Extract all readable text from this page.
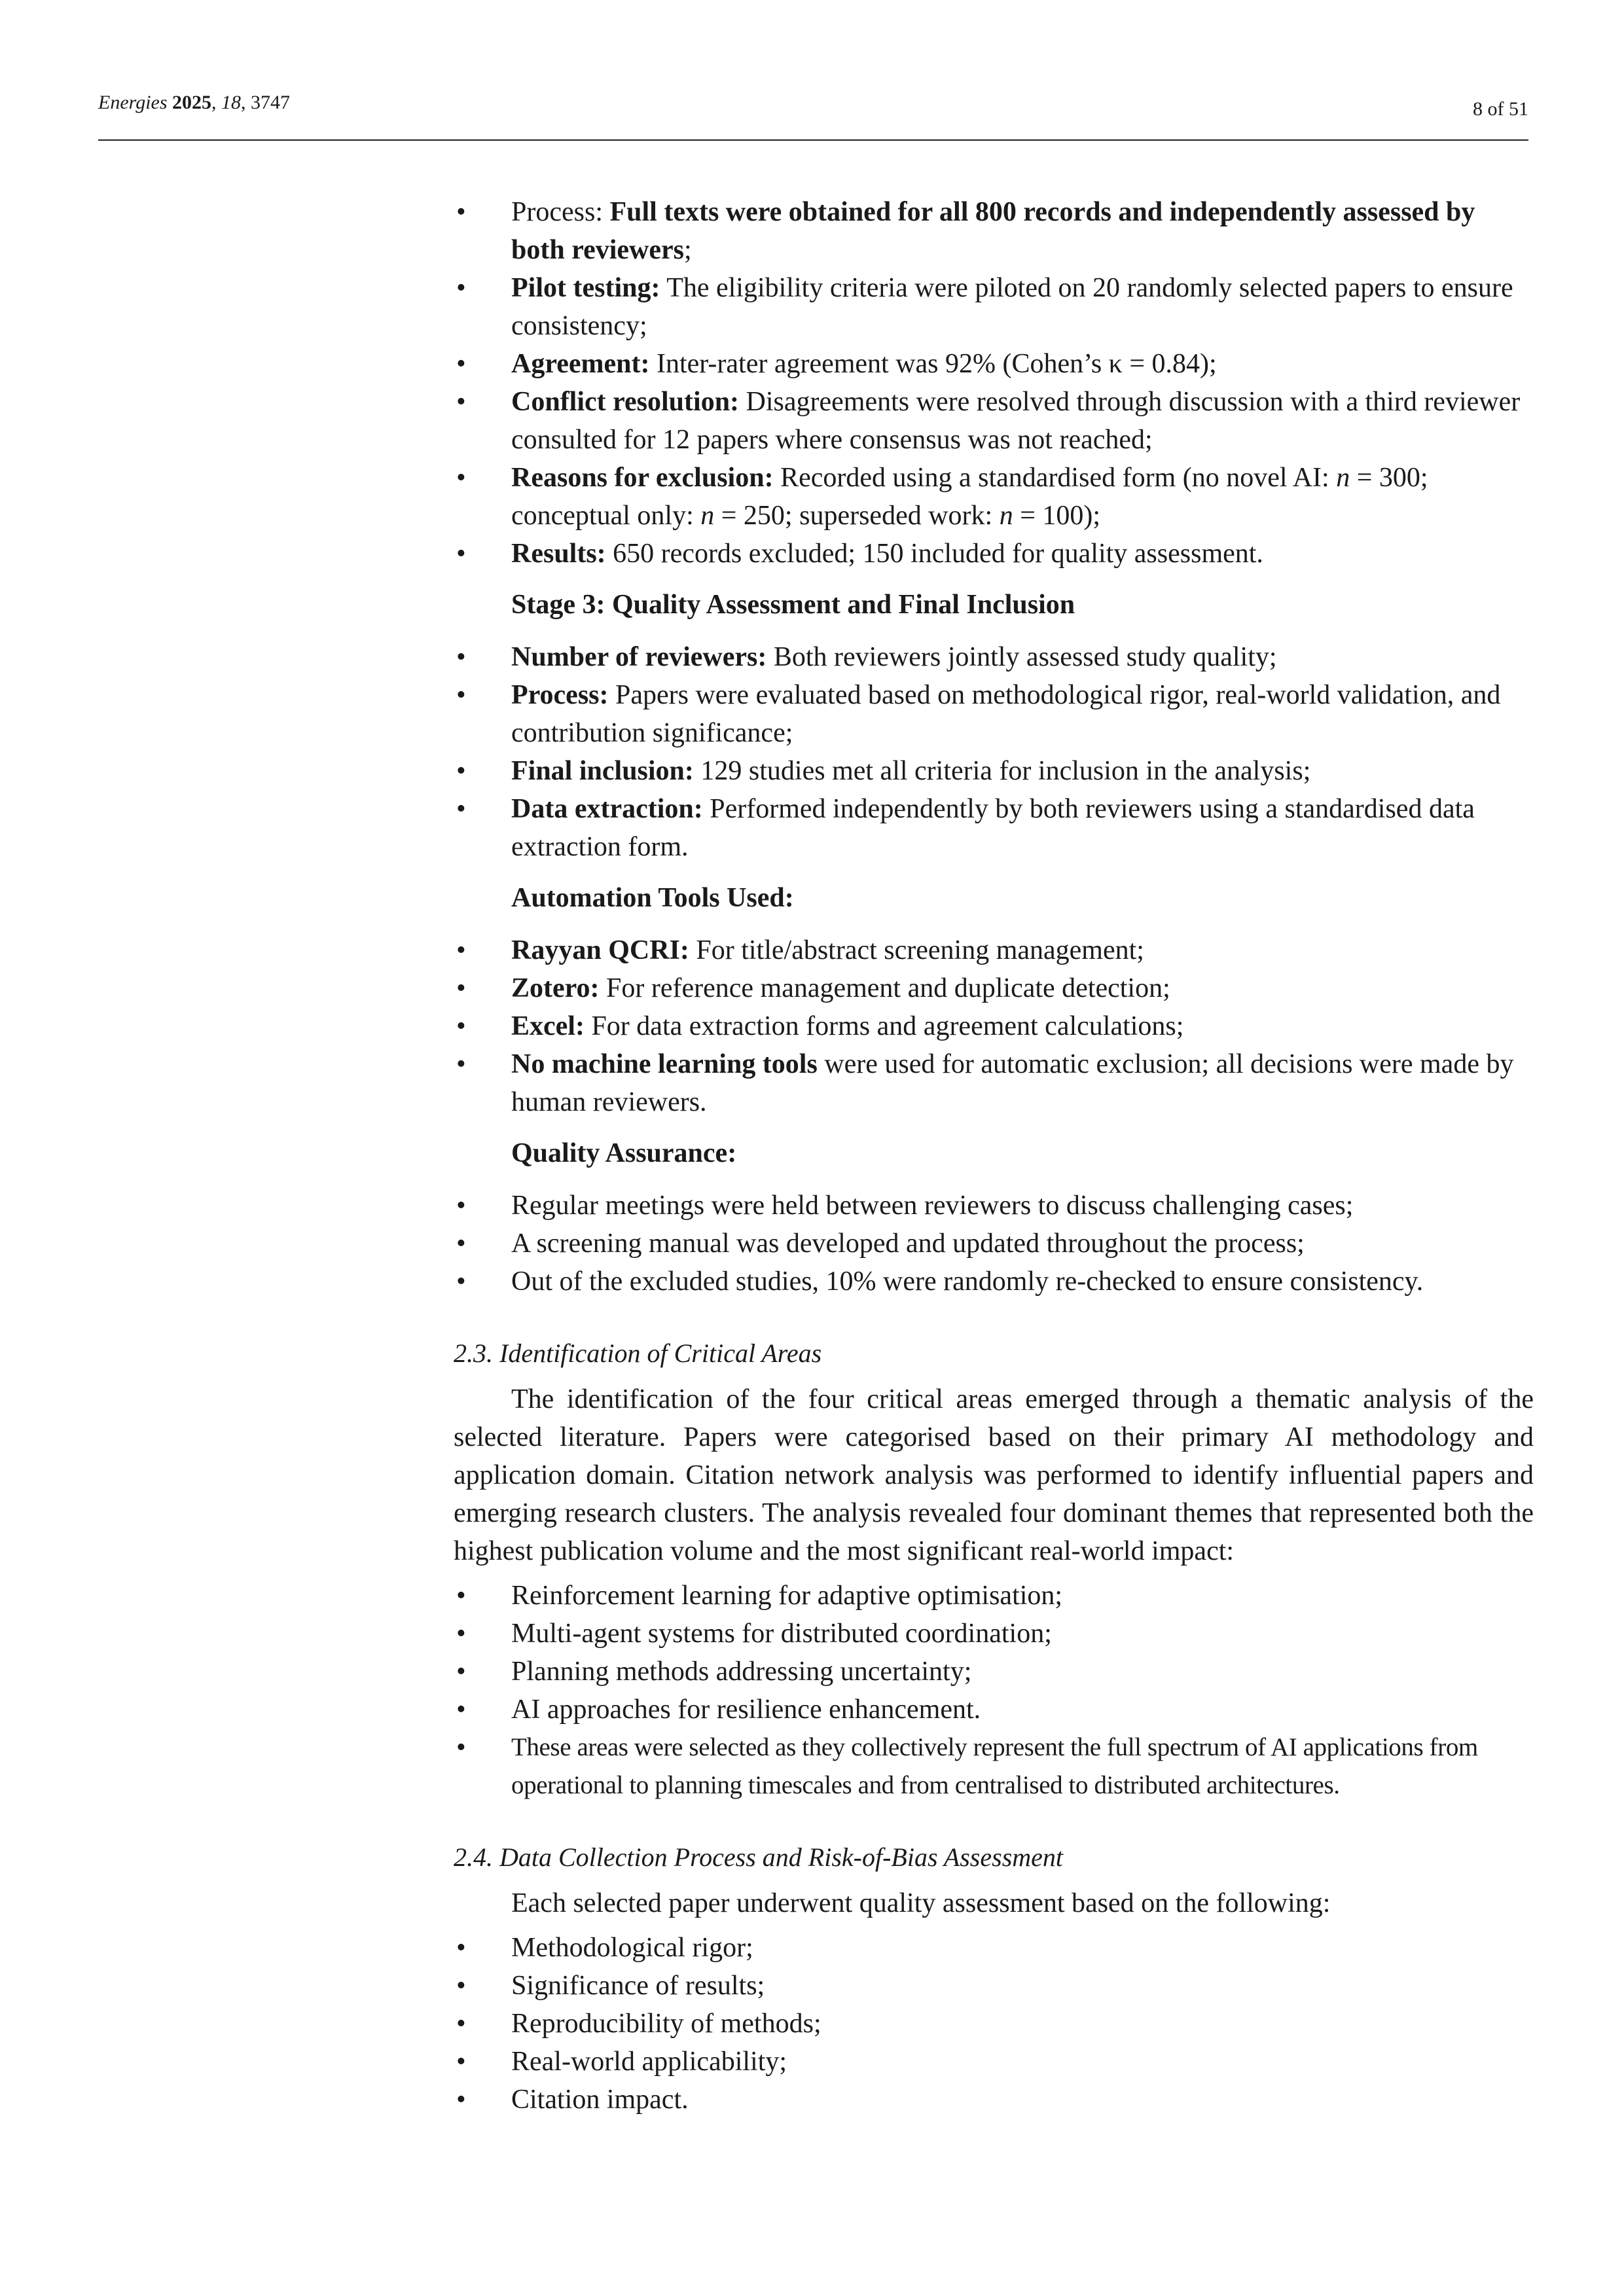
Energies 2025, 18, 3747	8 of 51
• Process: Full texts were obtained for all 800 records and independently assessed by both reviewers;
• Pilot testing: The eligibility criteria were piloted on 20 randomly selected papers to ensure consistency;
• Agreement: Inter-rater agreement was 92% (Cohen’s κ = 0.84);
• Conflict resolution: Disagreements were resolved through discussion with a third reviewer consulted for 12 papers where consensus was not reached;
• Reasons for exclusion: Recorded using a standardised form (no novel AI: n = 300; conceptual only: n = 250; superseded work: n = 100);
• Results: 650 records excluded; 150 included for quality assessment.
Stage 3: Quality Assessment and Final Inclusion
• Number of reviewers: Both reviewers jointly assessed study quality;
• Process: Papers were evaluated based on methodological rigor, real-world validation, and contribution significance;
• Final inclusion: 129 studies met all criteria for inclusion in the analysis;
• Data extraction: Performed independently by both reviewers using a standardised data extraction form.
Automation Tools Used:
• Rayyan QCRI: For title/abstract screening management;
• Zotero: For reference management and duplicate detection;
• Excel: For data extraction forms and agreement calculations;
• No machine learning tools were used for automatic exclusion; all decisions were made by human reviewers.
Quality Assurance:
• Regular meetings were held between reviewers to discuss challenging cases;
• A screening manual was developed and updated throughout the process;
• Out of the excluded studies, 10% were randomly re-checked to ensure consistency.
2.3. Identification of Critical Areas
The identification of the four critical areas emerged through a thematic analysis of the selected literature. Papers were categorised based on their primary AI methodology and application domain. Citation network analysis was performed to identify influential papers and emerging research clusters. The analysis revealed four dominant themes that represented both the highest publication volume and the most significant real-world impact:
• Reinforcement learning for adaptive optimisation;
• Multi-agent systems for distributed coordination;
• Planning methods addressing uncertainty;
• AI approaches for resilience enhancement.
• These areas were selected as they collectively represent the full spectrum of AI applications from operational to planning timescales and from centralised to distributed architectures.
2.4. Data Collection Process and Risk-of-Bias Assessment
Each selected paper underwent quality assessment based on the following:
• Methodological rigor;
• Significance of results;
• Reproducibility of methods;
• Real-world applicability;
• Citation impact.
